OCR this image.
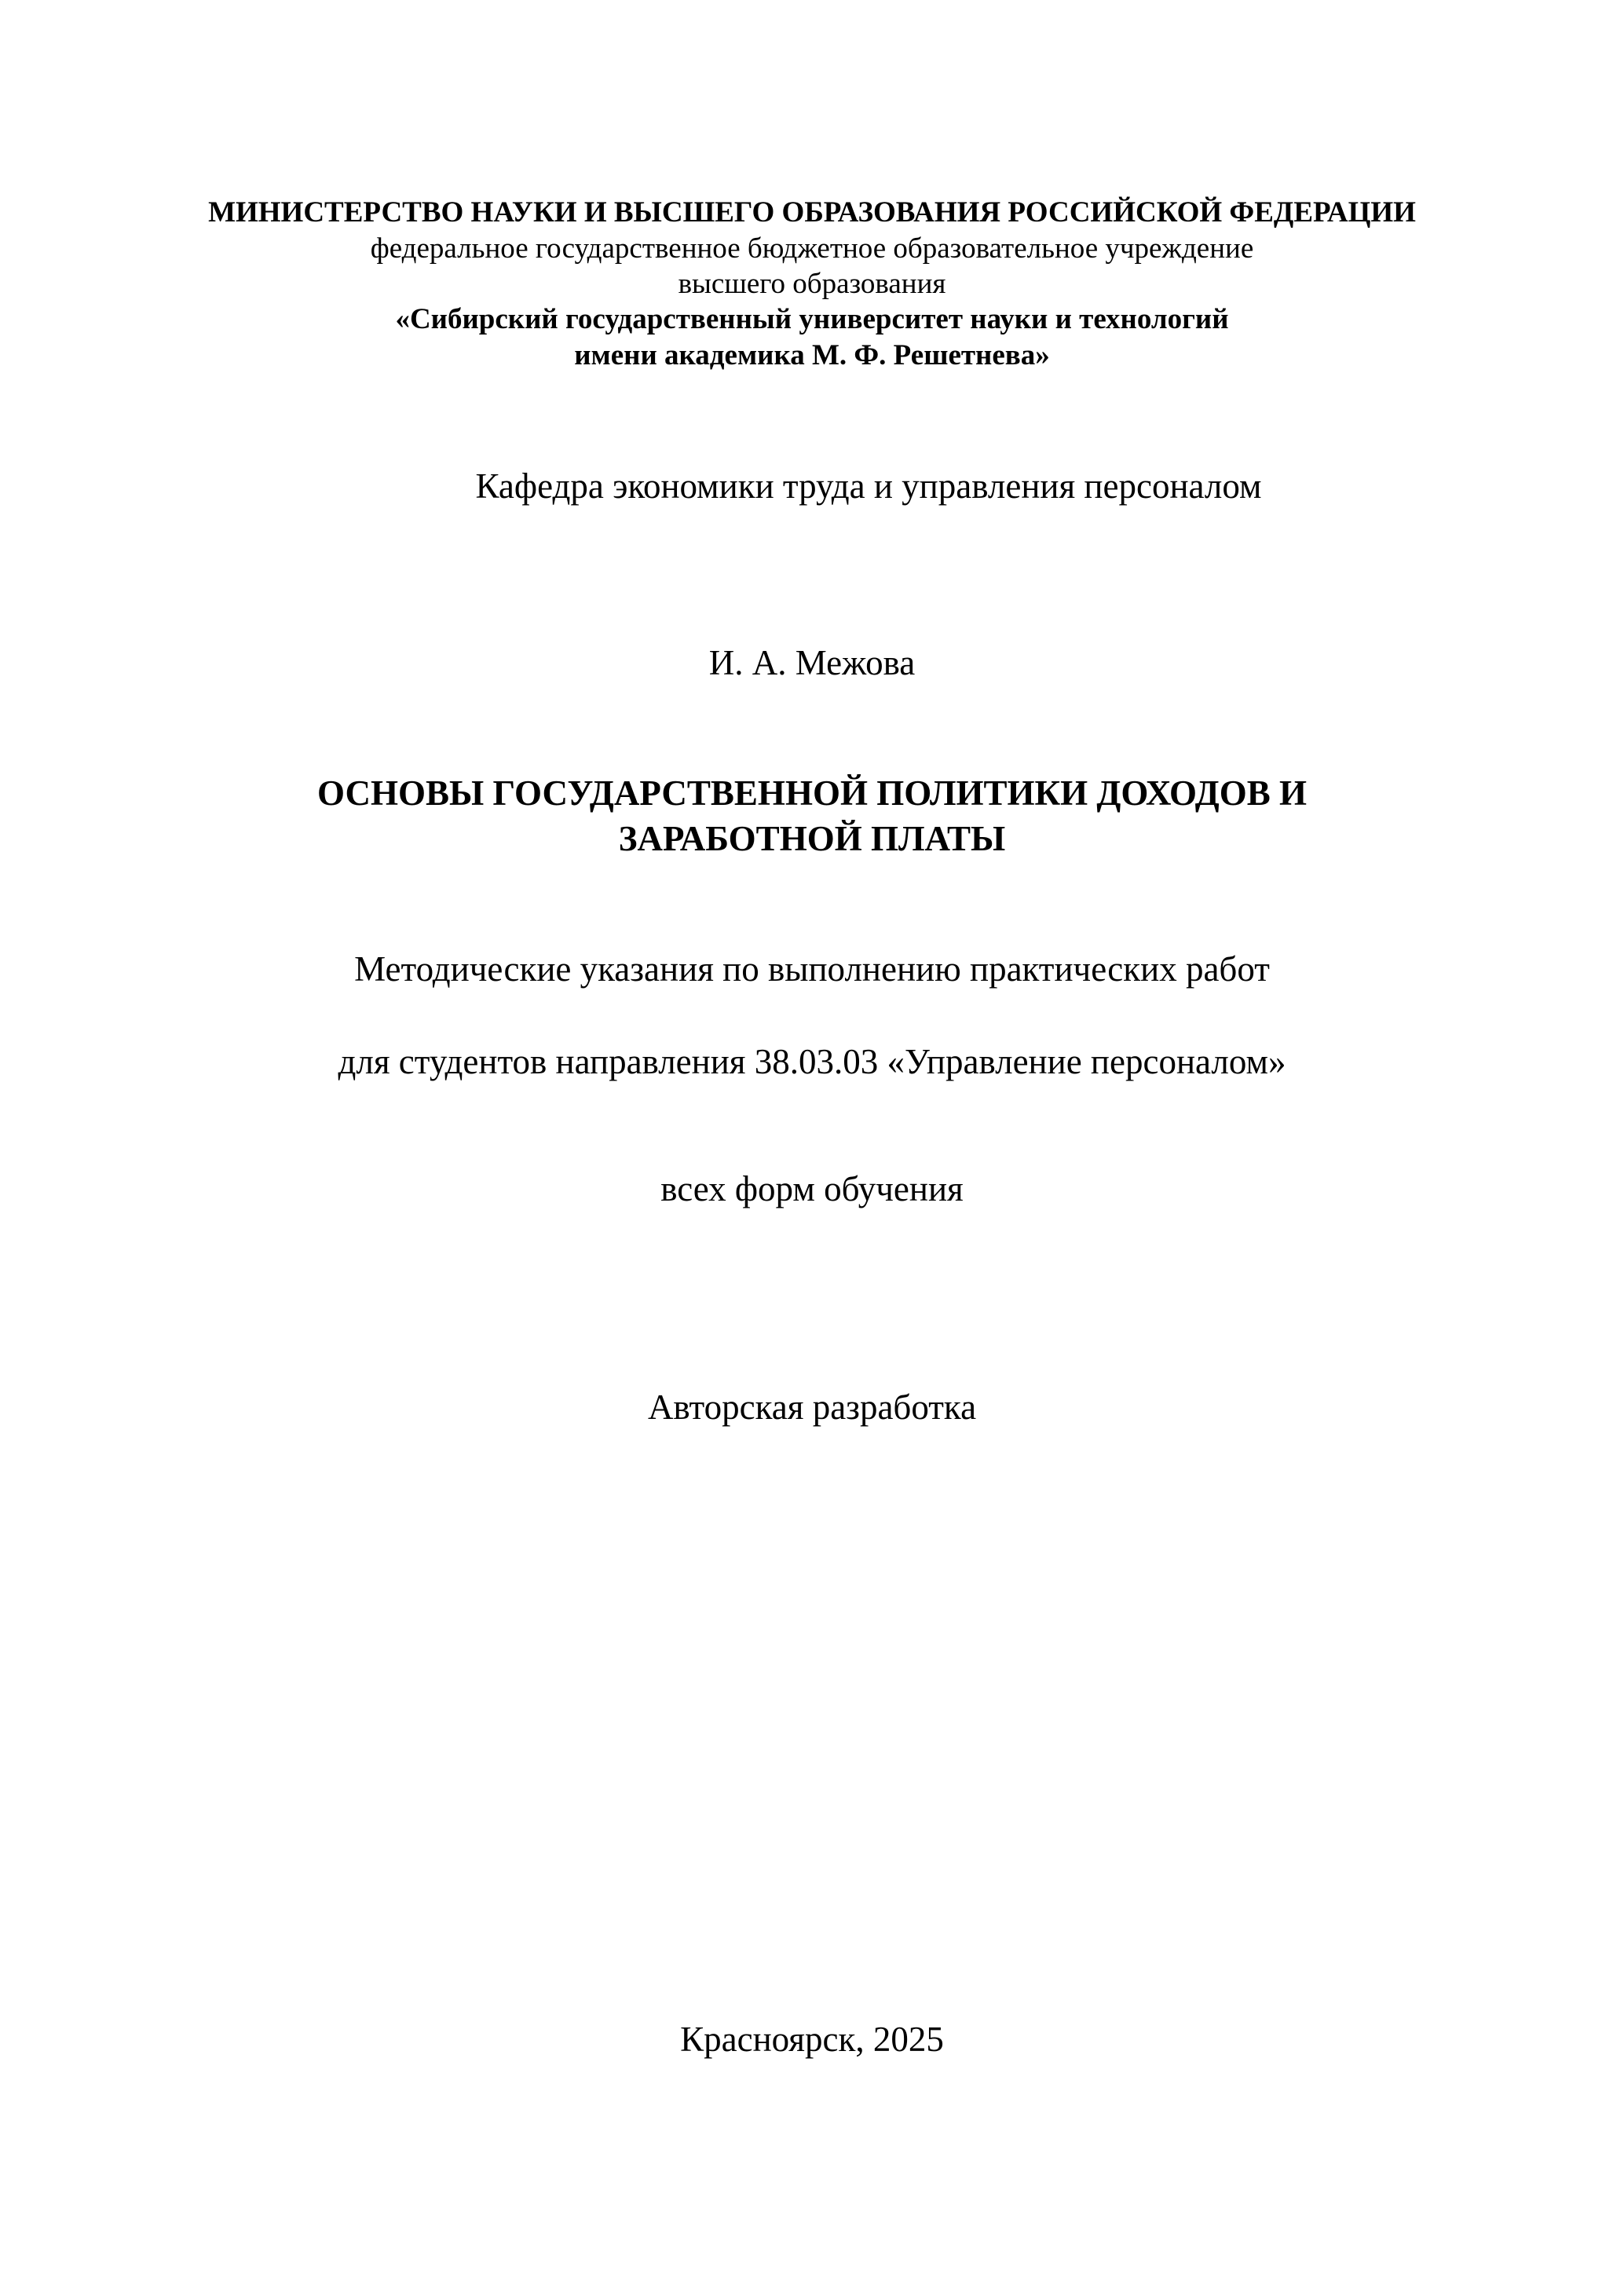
МИНИСТЕРСТВО НАУКИ И ВЫСШЕГО ОБРАЗОВАНИЯ РОССИЙСКОЙ ФЕДЕРАЦИИ
федеральное государственное бюджетное образовательное учреждение
высшего образования
«Сибирский государственный университет науки и технологий
имени академика М. Ф. Решетнева»
Кафедра экономики труда и управления персоналом
И. А. Межова
ОСНОВЫ ГОСУДАРСТВЕННОЙ ПОЛИТИКИ ДОХОДОВ И
ЗАРАБОТНОЙ ПЛАТЫ
Методические указания по выполнению практических работ
для студентов направления 38.03.03 «Управление персоналом»
всех форм обучения
Авторская разработка
Красноярск, 2025
